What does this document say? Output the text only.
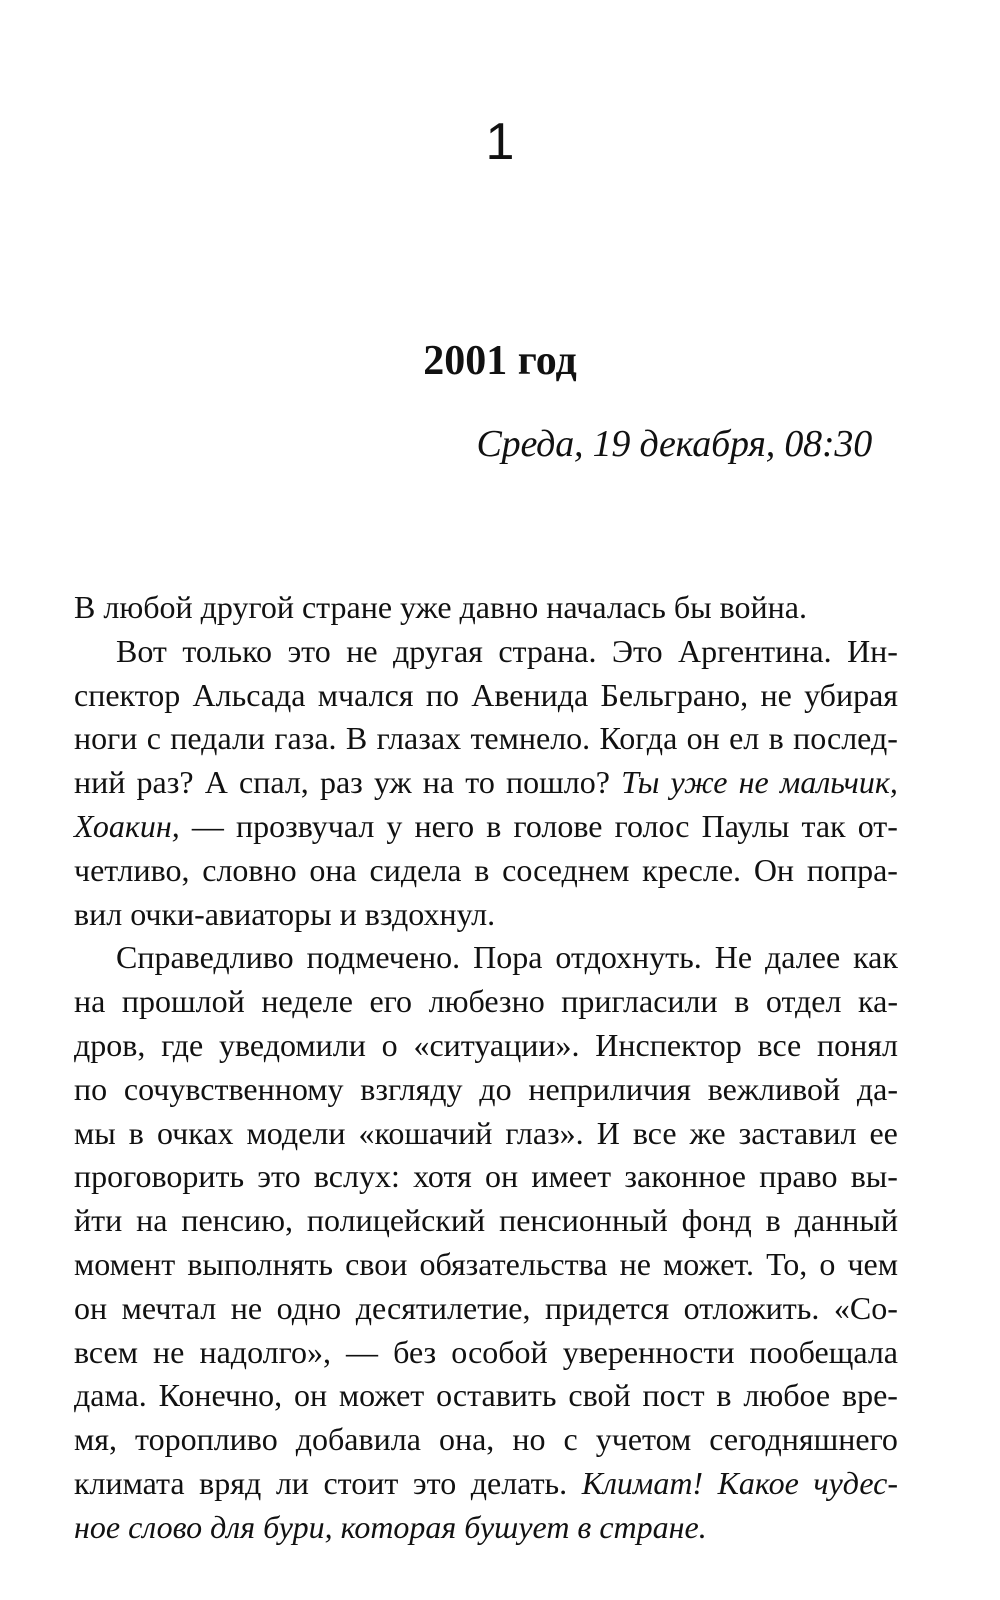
1
2001 год
Среда, 19 декабря, 08:30
В любой другой стране уже давно началась бы война.
Вот только это не другая страна. Это Аргентина. Ин-
спектор Альсада мчался по Авенида Бельграно, не убирая
ноги с педали газа. В глазах темнело. Когда он ел в послед-
ний раз? А спал, раз уж на то пошло? Ты уже не мальчик,
Хоакин, — прозвучал у него в голове голос Паулы так от-
четливо, словно она сидела в соседнем кресле. Он попра-
вил очки-авиаторы и вздохнул.
Справедливо подмечено. Пора отдохнуть. Не далее как
на прошлой неделе его любезно пригласили в отдел ка-
дров, где уведомили о «ситуации». Инспектор все понял
по сочувственному взгляду до неприличия вежливой да-
мы в очках модели «кошачий глаз». И все же заставил ее
проговорить это вслух: хотя он имеет законное право вы-
йти на пенсию, полицейский пенсионный фонд в данный
момент выполнять свои обязательства не может. То, о чем
он мечтал не одно десятилетие, придется отложить. «Со-
всем не надолго», — без особой уверенности пообещала
дама. Конечно, он может оставить свой пост в любое вре-
мя, торопливо добавила она, но с учетом сегодняшнего
климата вряд ли стоит это делать. Климат! Какое чудес-
ное слово для бури, которая бушует в стране.
